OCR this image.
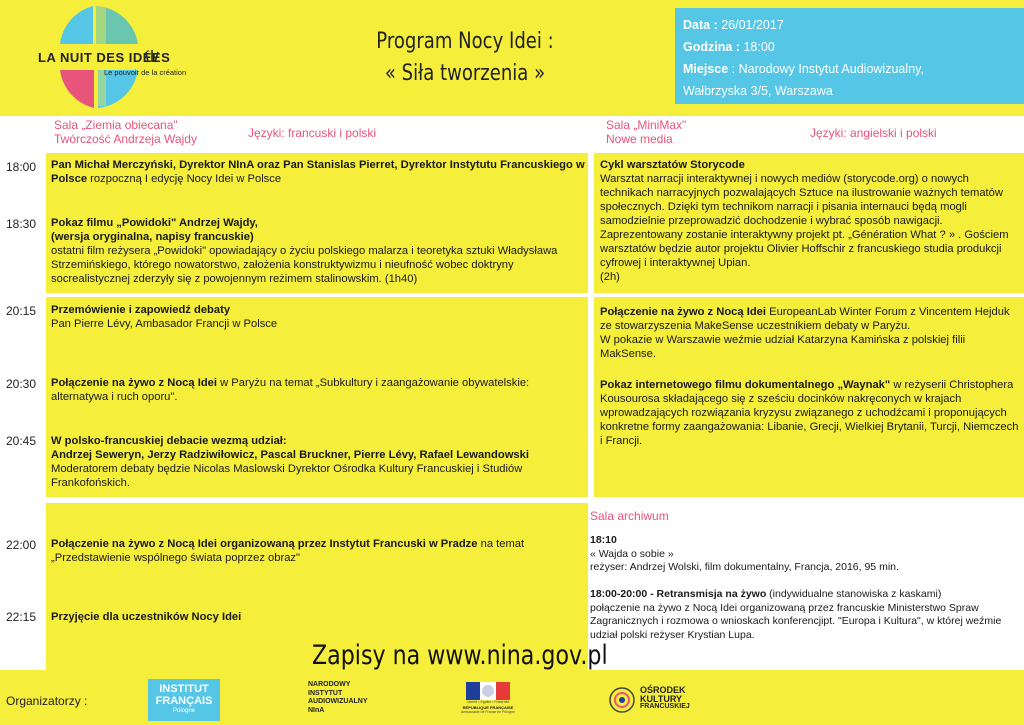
LA NUIT DES IDÉES
Le pouvoir de la création
Program Nocy Idei :
« Siła tworzenia »
Data : 26/01/2017
Godzina : 18:00
Miejsce : Narodowy Instytut Audiowizualny,
Wałbrzyska 3/5, Warszawa
Sala „Ziemia obiecana"
Twórczość Andrzeja Wajdy	Języki: francuski i polski
Sala „MiniMax"
Nowe media	Języki: angielski i polski
18:00
18:30
20:15
20:30
20:45
22:00
22:15
Pan Michał Merczyński, Dyrektor NInA oraz Pan Stanislas Pierret, Dyrektor Instytutu Francuskiego w Polsce rozpoczną I edycję Nocy Idei w Polsce
Pokaz filmu „Powidoki" Andrzej Wajdy,
(wersja oryginalna, napisy francuskie)
ostatni film reżysera „Powidoki" opowiadający o życiu polskiego malarza i teoretyka sztuki Władysława Strzemińskiego, którego nowatorstwo, założenia konstruktywizmu i nieufność wobec doktryny socrealistycznej zderzyły się z powojennym reżimem stalinowskim. (1h40)
Przemówienie i zapowiedź debaty
Pan Pierre Lévy, Ambasador Francji w Polsce
Połączenie na żywo z Nocą Idei w Paryżu na temat „Subkultury i zaangażowanie obywatelskie: alternatywa i ruch oporu".
W polsko-francuskiej debacie wezmą udział:
Andrzej Seweryn, Jerzy Radziwiłowicz, Pascal Bruckner, Pierre Lévy, Rafael Lewandowski
Moderatorem debaty będzie Nicolas Maslowski Dyrektor Ośrodka Kultury Francuskiej i Studiów Frankofońskich.
Połączenie na żywo z Nocą Idei organizowaną przez Instytut Francuski w Pradze na temat „Przedstawienie wspólnego świata poprzez obraz"
Przyjęcie dla uczestników Nocy Idei
Cykl warsztatów Storycode
Warsztat narracji interaktywnej i nowych mediów (storycode.org) o nowych technikach narracyjnych pozwalających Sztuce na ilustrowanie ważnych tematów społecznych. Dzięki tym technikom narracji i pisania internauci będą mogli samodzielnie przeprowadzić dochodzenie i wybrać sposób nawigacji. Zaprezentowany zostanie interaktywny projekt pt. „Génération What ? » . Gościem warsztatów będzie autor projektu Olivier Hoffschir z francuskiego studia produkcji cyfrowej i interaktywnej Upian.
(2h)
Połączenie na żywo z Nocą Idei EuropeanLab Winter Forum z Vincentem Hejduk ze stowarzyszenia MakeSense uczestnikiem debaty w Paryżu.
W pokazie w Warszawie weźmie udział Katarzyna Kamińska z polskiej filii MakSense.
Pokaz internetowego filmu dokumentalnego „Waynak" w reżyserii Christophera Kousourosa składającego się z sześciu docinków nakręconych w krajach wprowadzających rozwiązania kryzysu związanego z uchodźcami i proponujących konkretne formy zaangażowania: Libanie, Grecji, Wielkiej Brytanii, Turcji, Niemczech i Francji.
Sala archiwum
18:10
« Wajda o sobie »
reżyser: Andrzej Wolski, film dokumentalny, Francja, 2016, 95 min.

18:00-20:00 - Retransmisja na żywo (indywidualne stanowiska z kaskami)
połączenie na żywo z Nocą Idei organizowaną przez francuskie Ministerstwo Spraw Zagranicznych i rozmowa o wnioskach konferencjipt. "Europa i Kultura", w której weźmie udział polski reżyser Krystian Lupa.
Zapisy na www.nina.gov.pl
Organizatorzy :
INSTITUT
FRANÇAIS
Pologne
NARODOWY
INSTYTUT
AUDIOWIZUALNY
NInA
Liberté • Égalité • Fraternité
RÉPUBLIQUE FRANÇAISE
Ambassade de France en Pologne
OŚRODEK
KULTURY
FRANCUSKIEJ
